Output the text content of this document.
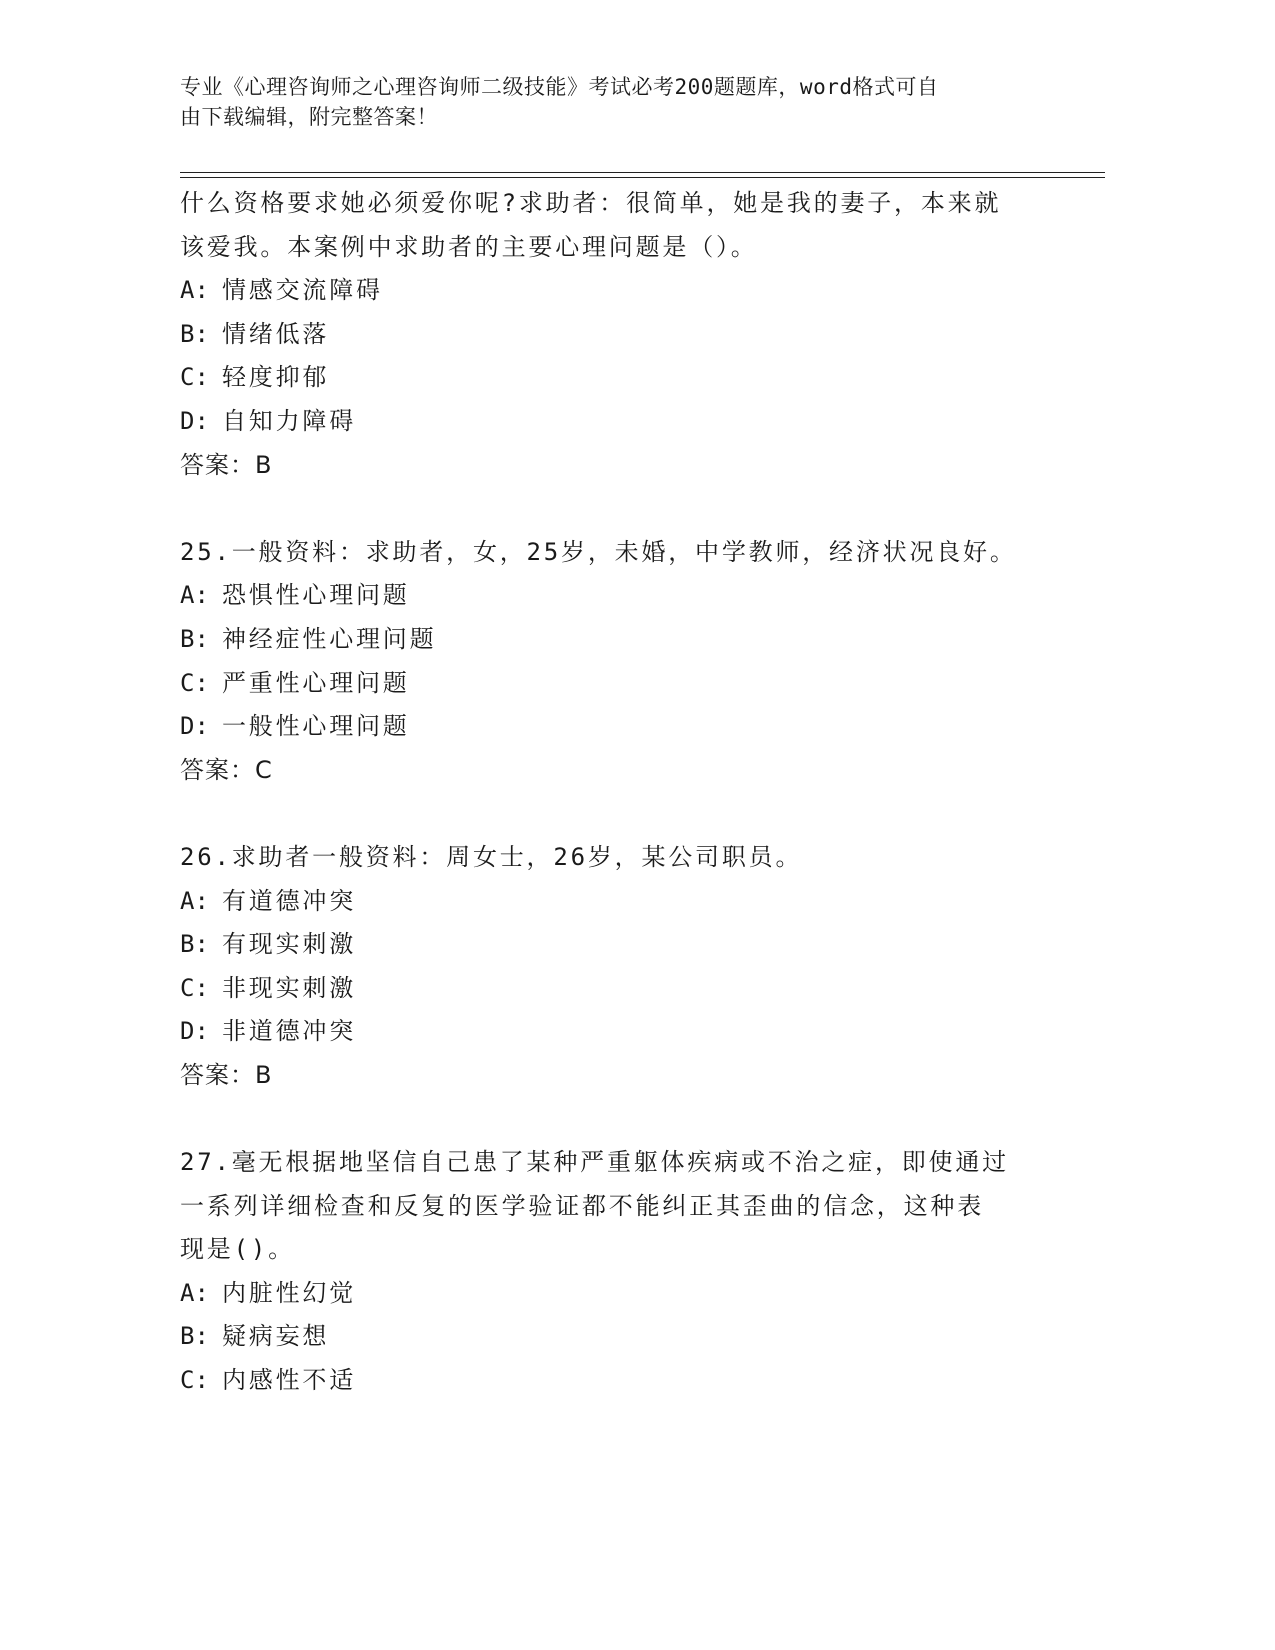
专业《心理咨询师之心理咨询师二级技能》考试必考200题题库，word格式可自
由下载编辑，附完整答案！
什么资格要求她必须爱你呢?求助者：很简单，她是我的妻子，本来就
该爱我。本案例中求助者的主要心理问题是（）。
A: 情感交流障碍
B: 情绪低落
C: 轻度抑郁
D: 自知力障碍
答案：B
25.一般资料：求助者，女，25岁，未婚，中学教师，经济状况良好。
A: 恐惧性心理问题
B: 神经症性心理问题
C: 严重性心理问题
D: 一般性心理问题
答案：C
26.求助者一般资料：周女士，26岁，某公司职员。
A: 有道德冲突
B: 有现实刺激
C: 非现实刺激
D: 非道德冲突
答案：B
27.毫无根据地坚信自己患了某种严重躯体疾病或不治之症，即使通过
一系列详细检查和反复的医学验证都不能纠正其歪曲的信念，这种表
现是()。
A: 内脏性幻觉
B: 疑病妄想
C: 内感性不适
